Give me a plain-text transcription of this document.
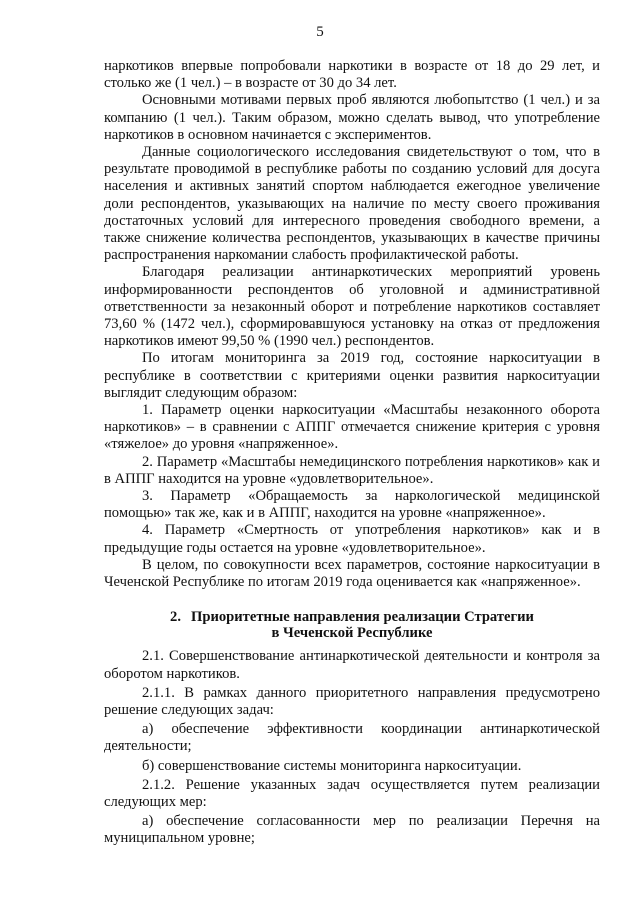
5

наркотиков впервые попробовали наркотики в возрасте от 18 до 29 лет, и столько же (1 чел.) – в возрасте от 30 до 34 лет.

Основными мотивами первых проб являются любопытство (1 чел.) и за компанию (1 чел.). Таким образом, можно сделать вывод, что употребление наркотиков в основном начинается с экспериментов.

Данные социологического исследования свидетельствуют о том, что в результате проводимой в республике работы по созданию условий для досуга населения и активных занятий спортом наблюдается ежегодное увеличение доли респондентов, указывающих на наличие по месту своего проживания достаточных условий для интересного проведения свободного времени, а также снижение количества респондентов, указывающих в качестве причины распространения наркомании слабость профилактической работы.

Благодаря реализации антинаркотических мероприятий уровень информированности респондентов об уголовной и административной ответственности за незаконный оборот и потребление наркотиков составляет 73,60 % (1472 чел.), сформировавшуюся установку на отказ от предложения наркотиков имеют 99,50 % (1990 чел.) респондентов.

По итогам мониторинга за 2019 год, состояние наркоситуации в республике в соответствии с критериями оценки развития наркоситуации выглядит следующим образом:

1. Параметр оценки наркоситуации «Масштабы незаконного оборота наркотиков» – в сравнении с АППГ отмечается снижение критерия с уровня «тяжелое» до уровня «напряженное».

2. Параметр «Масштабы немедицинского потребления наркотиков» как и в АППГ находится на уровне «удовлетворительное».

3. Параметр «Обращаемость за наркологической медицинской помощью» так же, как и в АППГ, находится на уровне «напряженное».

4. Параметр «Смертность от употребления наркотиков» как и в предыдущие годы остается на уровне «удовлетворительное».

В целом, по совокупности всех параметров, состояние наркоситуации в Чеченской Республике по итогам 2019 года оценивается как «напряженное».

2. Приоритетные направления реализации Стратегии
в Чеченской Республике

2.1. Совершенствование антинаркотической деятельности и контроля за оборотом наркотиков.

2.1.1. В рамках данного приоритетного направления предусмотрено решение следующих задач:

а) обеспечение эффективности координации антинаркотической деятельности;

б) совершенствование системы мониторинга наркоситуации.

2.1.2. Решение указанных задач осуществляется путем реализации следующих мер:

а) обеспечение согласованности мер по реализации Перечня на муниципальном уровне;
